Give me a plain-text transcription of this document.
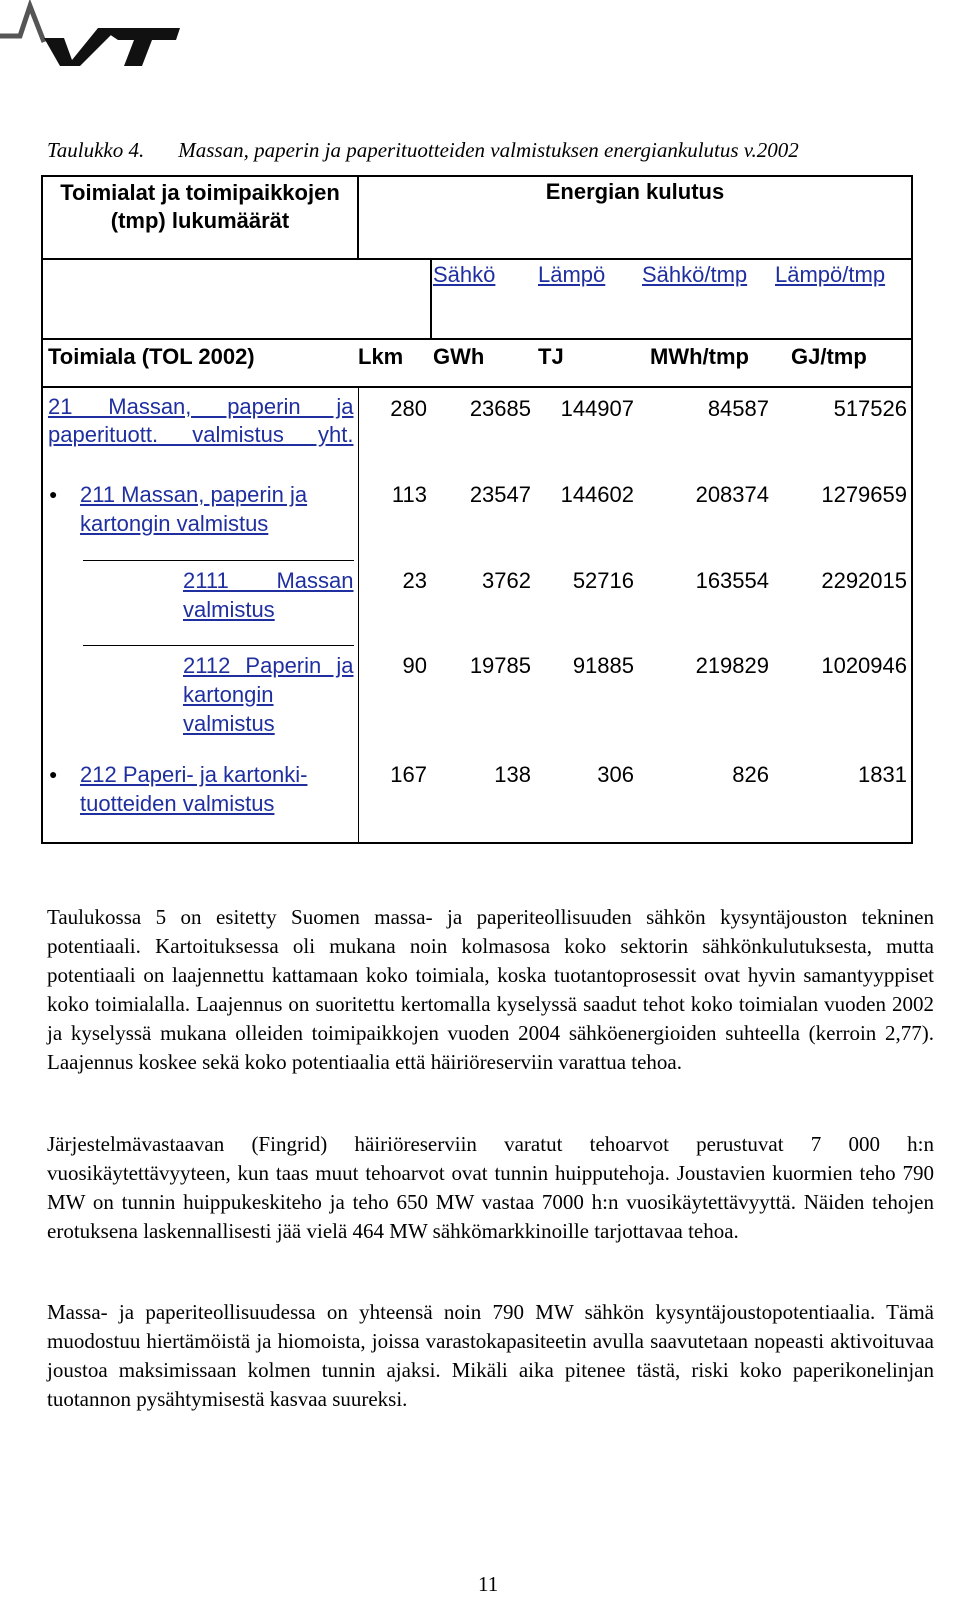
Taulukko 4. Massan, paperin ja paperituotteiden valmistuksen energiankulutus v.2002
Toimialat ja toimipaikkojen (tmp) lukumäärät	Energian kulutus				
		Sähkö	Lämpö	Sähkö/tmp	Lämpö/tmp
Toimiala (TOL 2002)	Lkm	GWh	TJ	MWh/tmp	GJ/tmp

21 Massan, paperin ja paperituott. valmistus yht.	280	23685	144907	84587	517526

● 211 Massan, paperin ja kartongin valmistus	113	23547	144602	208374	1279659

2111 Massan valmistus	23	3762	52716	163554	2292015

2112 Paperin ja kartongin valmistus	90	19785	91885	219829	1020946

● 212 Paperi- ja kartonki-tuotteiden valmistus	167	138	306	826	1831

Taulukossa 5 on esitetty Suomen massa- ja paperiteollisuuden sähkön kysyntäjouston tekninen potentiaali. Kartoituksessa oli mukana noin kolmasosa koko sektorin sähkönkulutuksesta, mutta potentiaali on laajennettu kattamaan koko toimiala, koska tuotantoprosessit ovat hyvin samantyyppiset koko toimialalla. Laajennus on suoritettu kertomalla kyselyssä saadut tehot koko toimialan vuoden 2002 ja kyselyssä mukana olleiden toimipaikkojen vuoden 2004 sähköenergioiden suhteella (kerroin 2,77). Laajennus koskee sekä koko potentiaalia että häiriöreserviin varattua tehoa.

Järjestelmävastaavan (Fingrid) häiriöreserviin varatut tehoarvot perustuvat 7 000 h:n vuosikäytettävyyteen, kun taas muut tehoarvot ovat tunnin huipputehoja. Joustavien kuormien teho 790 MW on tunnin huippukeskiteho ja teho 650 MW vastaa 7000 h:n vuosikäytettävyyttä. Näiden tehojen erotuksena laskennallisesti jää vielä 464 MW sähkömarkkinoille tarjottavaa tehoa.

Massa- ja paperiteollisuudessa on yhteensä noin 790 MW sähkön kysyntäjoustopotentiaalia. Tämä muodostuu hiertämöistä ja hiomoista, joissa varastokapasiteetin avulla saavutetaan nopeasti aktivoituvaa joustoa maksimissaan kolmen tunnin ajaksi. Mikäli aika pitenee tästä, riski koko paperikonelinjan tuotannon pysähtymisestä kasvaa suureksi.

11
